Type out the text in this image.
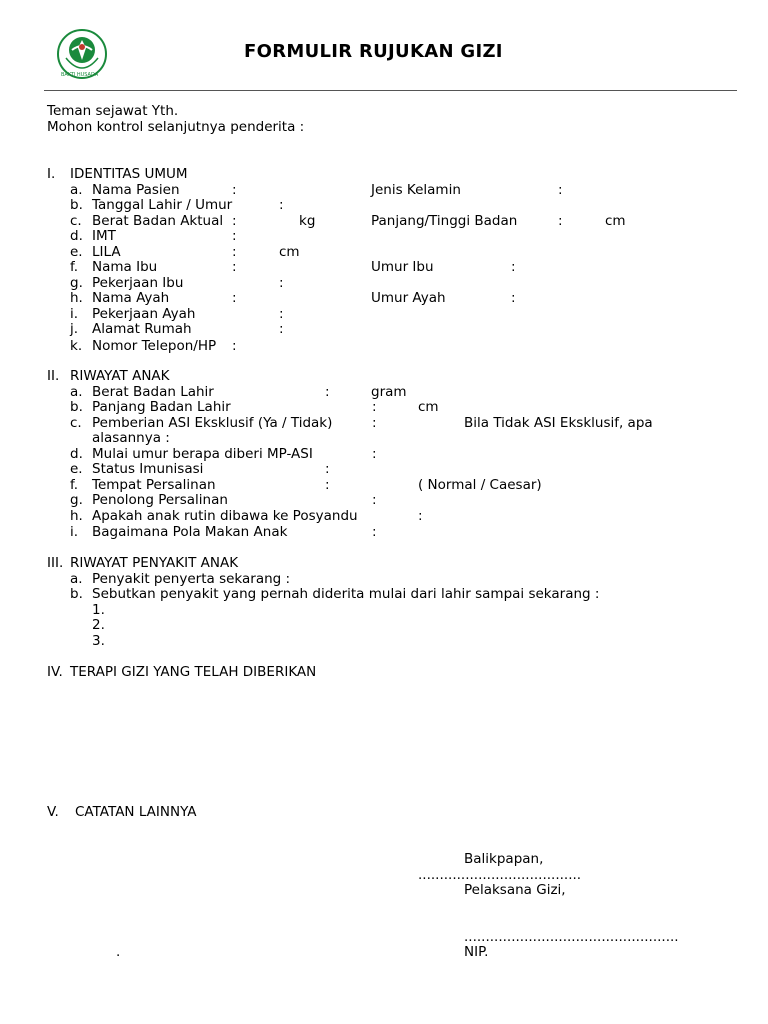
BAKTI HUSADA
FORMULIR RUJUKAN GIZI
Teman sejawat Yth.
Mohon kontrol selanjutnya penderita :
I. IDENTITAS UMUM
a. Nama Pasien	:	Jenis Kelamin	:
b. Tanggal Lahir / Umur	:
c. Berat Badan Aktual :	kg	Panjang/Tinggi Badan	:	cm
d. IMT	:
e. LILA	:	cm
f. Nama Ibu	:	Umur Ibu	:
g. Pekerjaan Ibu	:
h. Nama Ayah	:	Umur Ayah	:
i. Pekerjaan Ayah	:
j. Alamat Rumah	:
k. Nomor Telepon/HP :
II. RIWAYAT ANAK
a. Berat Badan Lahir	:	gram
b. Panjang Badan Lahir	:	cm
c. Pemberian ASI Eksklusif (Ya / Tidak)	:	Bila Tidak ASI Eksklusif, apa
alasannya :
d. Mulai umur berapa diberi MP-ASI	:
e. Status Imunisasi	:
f. Tempat Persalinan	:	( Normal / Caesar)
g. Penolong Persalinan	:
h. Apakah anak rutin dibawa ke Posyandu	:
i. Bagaimana Pola Makan Anak	:
III. RIWAYAT PENYAKIT ANAK
a. Penyakit penyerta sekarang :
b. Sebutkan penyakit yang pernah diderita mulai dari lahir sampai sekarang :
1.
2.
3.
IV. TERAPI GIZI YANG TELAH DIBERIKAN
V. CATATAN LAINNYA
Balikpapan,
......................................
Pelaksana Gizi,
..................................................
NIP.
.
